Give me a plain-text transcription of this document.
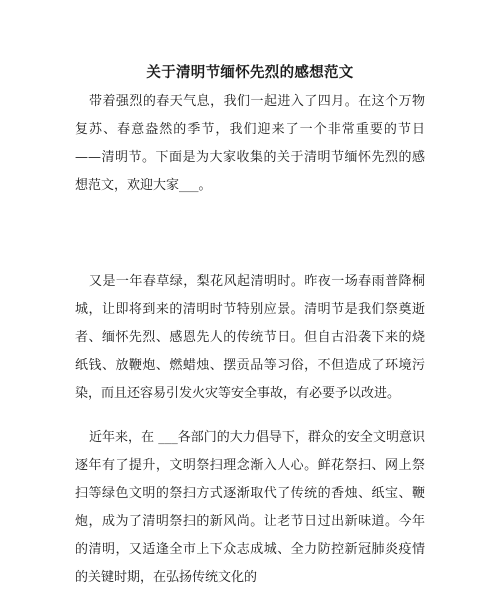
关于清明节缅怀先烈的感想范文

带着强烈的春天气息，我们一起进入了四月。在这个万物复苏、春意盎然的季节，我们迎来了一个非常重要的节日——清明节。下面是为大家收集的关于清明节缅怀先烈的感想范文，欢迎大家___。

又是一年春草绿，梨花风起清明时。昨夜一场春雨普降桐城，让即将到来的清明时节特别应景。清明节是我们祭奠逝者、缅怀先烈、感恩先人的传统节日。但自古沿袭下来的烧纸钱、放鞭炮、燃蜡烛、摆贡品等习俗，不但造成了环境污染，而且还容易引发火灾等安全事故，有必要予以改进。

近年来，在 ___各部门的大力倡导下，群众的安全文明意识逐年有了提升，文明祭扫理念渐入人心。鲜花祭扫、网上祭扫等绿色文明的祭扫方式逐渐取代了传统的香烛、纸宝、鞭炮，成为了清明祭扫的新风尚。让老节日过出新味道。今年的清明，又适逢全市上下众志成城、全力防控新冠肺炎疫情的关键时期，在弘扬传统文化的
